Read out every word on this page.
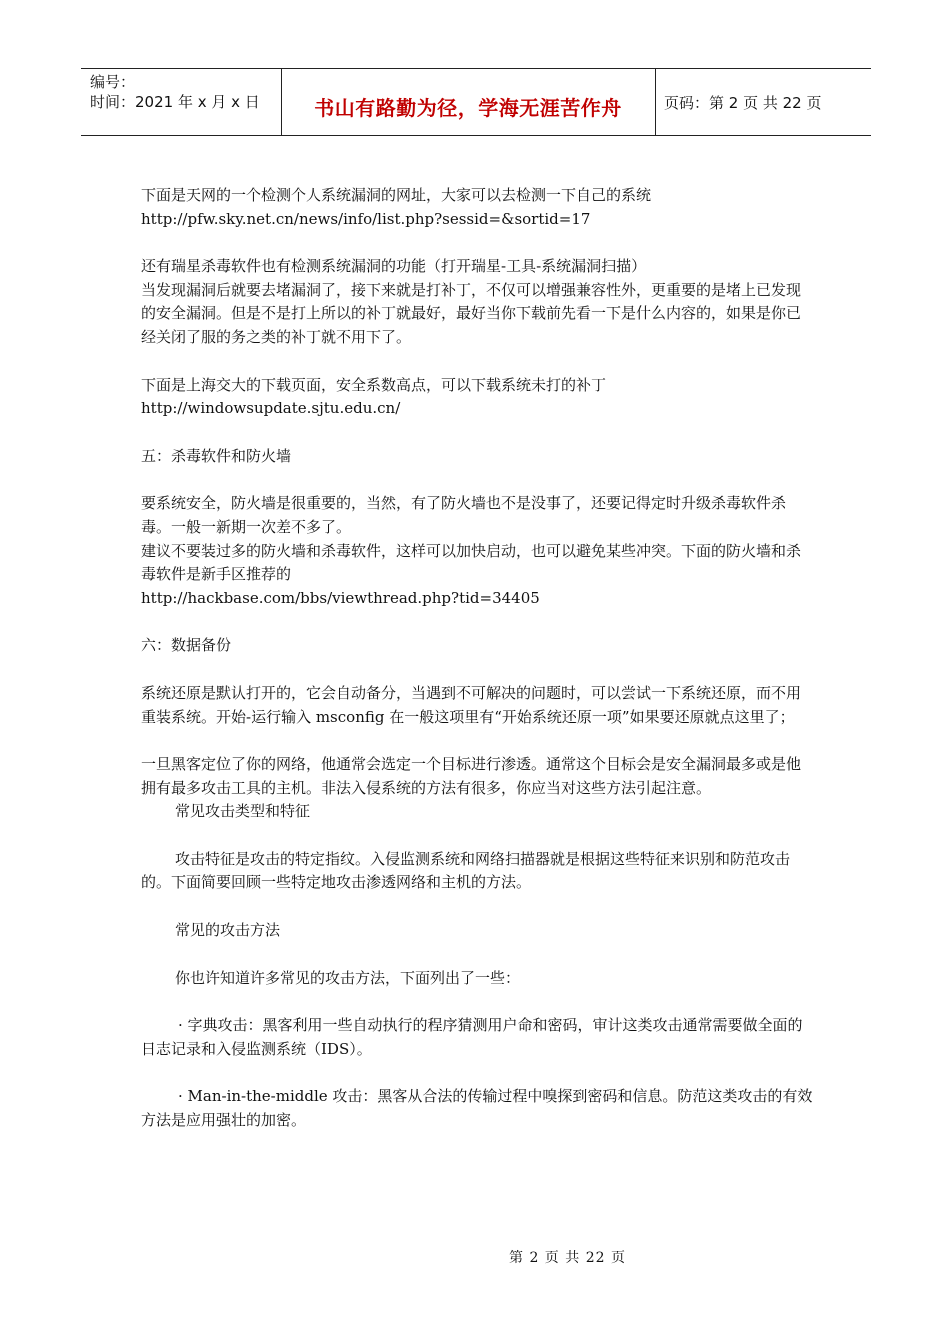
编号：
时间：2021 年 x 月 x 日	书山有路勤为径，学海无涯苦作舟	页码：第 2 页 共 22 页

下面是天网的一个检测个人系统漏洞的网址，大家可以去检测一下自己的系统

http://pfw.sky.net.cn/news/info/list.php?sessid=&sortid=17

还有瑞星杀毒软件也有检测系统漏洞的功能（打开瑞星-工具-系统漏洞扫描）

当发现漏洞后就要去堵漏洞了，接下来就是打补丁，不仅可以增强兼容性外，更重要的是堵上已发现的安全漏洞。但是不是打上所以的补丁就最好，最好当你下载前先看一下是什么内容的，如果是你已经关闭了服的务之类的补丁就不用下了。

下面是上海交大的下载页面，安全系数高点，可以下载系统未打的补丁

http://windowsupdate.sjtu.edu.cn/

五：杀毒软件和防火墙

要系统安全，防火墙是很重要的，当然，有了防火墙也不是没事了，还要记得定时升级杀毒软件杀毒。一般一新期一次差不多了。

建议不要装过多的防火墙和杀毒软件，这样可以加快启动，也可以避免某些冲突。下面的防火墙和杀毒软件是新手区推荐的

http://hackbase.com/bbs/viewthread.php?tid=34405

六：数据备份

系统还原是默认打开的，它会自动备分，当遇到不可解决的问题时，可以尝试一下系统还原，而不用重装系统。开始-运行输入 msconfig 在一般这项里有“开始系统还原一项”如果要还原就点这里了；

一旦黑客定位了你的网络，他通常会选定一个目标进行渗透。通常这个目标会是安全漏洞最多或是他拥有最多攻击工具的主机。非法入侵系统的方法有很多，你应当对这些方法引起注意。

常见攻击类型和特征

攻击特征是攻击的特定指纹。入侵监测系统和网络扫描器就是根据这些特征来识别和防范攻击的。下面简要回顾一些特定地攻击渗透网络和主机的方法。

常见的攻击方法

你也许知道许多常见的攻击方法，下面列出了一些：

· 字典攻击：黑客利用一些自动执行的程序猜测用户命和密码，审计这类攻击通常需要做全面的日志记录和入侵监测系统（IDS）。

· Man-in-the-middle 攻击：黑客从合法的传输过程中嗅探到密码和信息。防范这类攻击的有效方法是应用强壮的加密。

第 2 页 共 22 页
